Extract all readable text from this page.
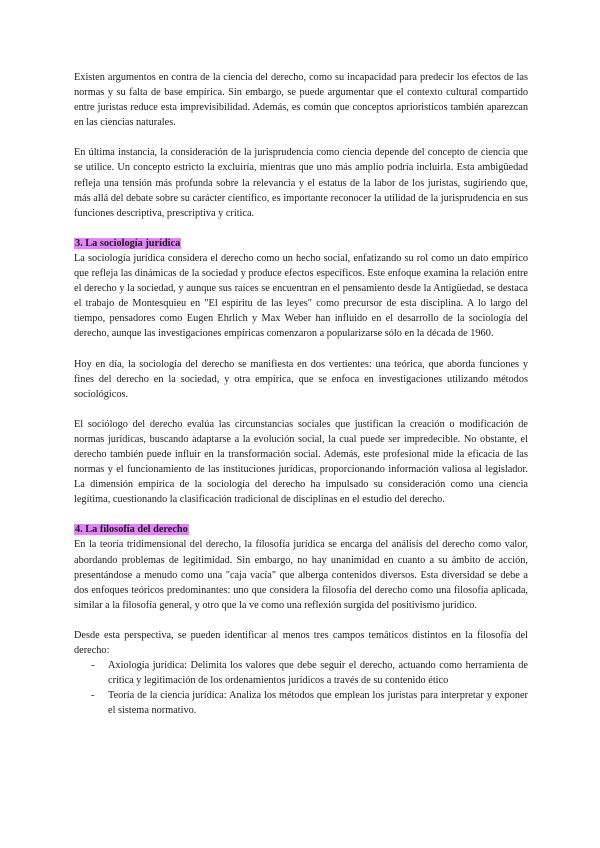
Existen argumentos en contra de la ciencia del derecho, como su incapacidad para predecir los efectos de las normas y su falta de base empírica. Sin embargo, se puede argumentar que el contexto cultural compartido entre juristas reduce esta imprevisibilidad. Además, es común que conceptos aprioristicos también aparezcan en las ciencias naturales.

En última instancia, la consideración de la jurisprudencia como ciencia depende del concepto de ciencia que se utilice. Un concepto estricto la excluiría, mientras que uno más amplio podría incluirla. Esta ambigüedad refleja una tensión más profunda sobre la relevancia y el estatus de la labor de los juristas, sugiriendo que, más allá del debate sobre su carácter científico, es importante reconocer la utilidad de la jurisprudencia en sus funciones descriptiva, prescriptiva y crítica.

3. La sociología jurídica

La sociología jurídica considera el derecho como un hecho social, enfatizando su rol como un dato empírico que refleja las dinámicas de la sociedad y produce efectos específicos. Este enfoque examina la relación entre el derecho y la sociedad, y aunque sus raíces se encuentran en el pensamiento desde la Antigüedad, se destaca el trabajo de Montesquieu en "El espíritu de las leyes" como precursor de esta disciplina. A lo largo del tiempo, pensadores como Eugen Ehrlich y Max Weber han influido en el desarrollo de la sociología del derecho, aunque las investigaciones empíricas comenzaron a popularizarse sólo en la década de 1960.

Hoy en día, la sociología del derecho se manifiesta en dos vertientes: una teórica, que aborda funciones y fines del derecho en la sociedad, y otra empírica, que se enfoca en investigaciones utilizando métodos sociológicos.

El sociólogo del derecho evalúa las circunstancias sociales que justifican la creación o modificación de normas jurídicas, buscando adaptarse a la evolución social, la cual puede ser impredecible. No obstante, el derecho también puede influir en la transformación social. Además, este profesional mide la eficacia de las normas y el funcionamiento de las instituciones jurídicas, proporcionando información valiosa al legislador. La dimensión empírica de la sociología del derecho ha impulsado su consideración como una ciencia legítima, cuestionando la clasificación tradicional de disciplinas en el estudio del derecho.

4. La filosofía del derecho

En la teoría tridimensional del derecho, la filosofía jurídica se encarga del análisis del derecho como valor, abordando problemas de legitimidad. Sin embargo, no hay unanimidad en cuanto a su ámbito de acción, presentándose a menudo como una "caja vacía" que alberga contenidos diversos. Esta diversidad se debe a dos enfoques teóricos predominantes: uno que considera la filosofía del derecho como una filosofía aplicada, similar a la filosofía general, y otro que la ve como una reflexión surgida del positivismo jurídico.

Desde esta perspectiva, se pueden identificar al menos tres campos temáticos distintos en la filosofía del derecho:

- Axiología jurídica: Delimita los valores que debe seguir el derecho, actuando como herramienta de crítica y legitimación de los ordenamientos jurídicos a través de su contenido ético
- Teoría de la ciencia jurídica: Analiza los métodos que emplean los juristas para interpretar y exponer el sistema normativo.
